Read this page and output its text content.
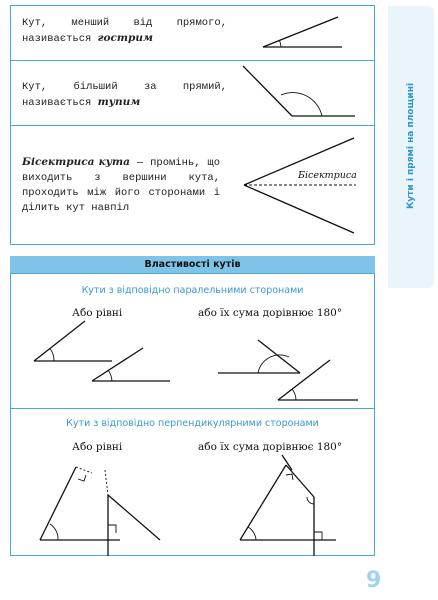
Кути і прямі на площині
Кут, менший від прямого, називається гострим
Кут, більший за прямий, називається тупим
Бісектриса кута — промінь, що виходить з вершини кута, проходить між його сторонами і ділить кут навпіл
Бісектриса
Властивості кутів
Кути з відповідно паралельними сторонами
Або рівні	або їх сума дорівнює 180°
Кути з відповідно перпендикулярними сторонами
Або рівні	або їх сума дорівнює 180°
9
